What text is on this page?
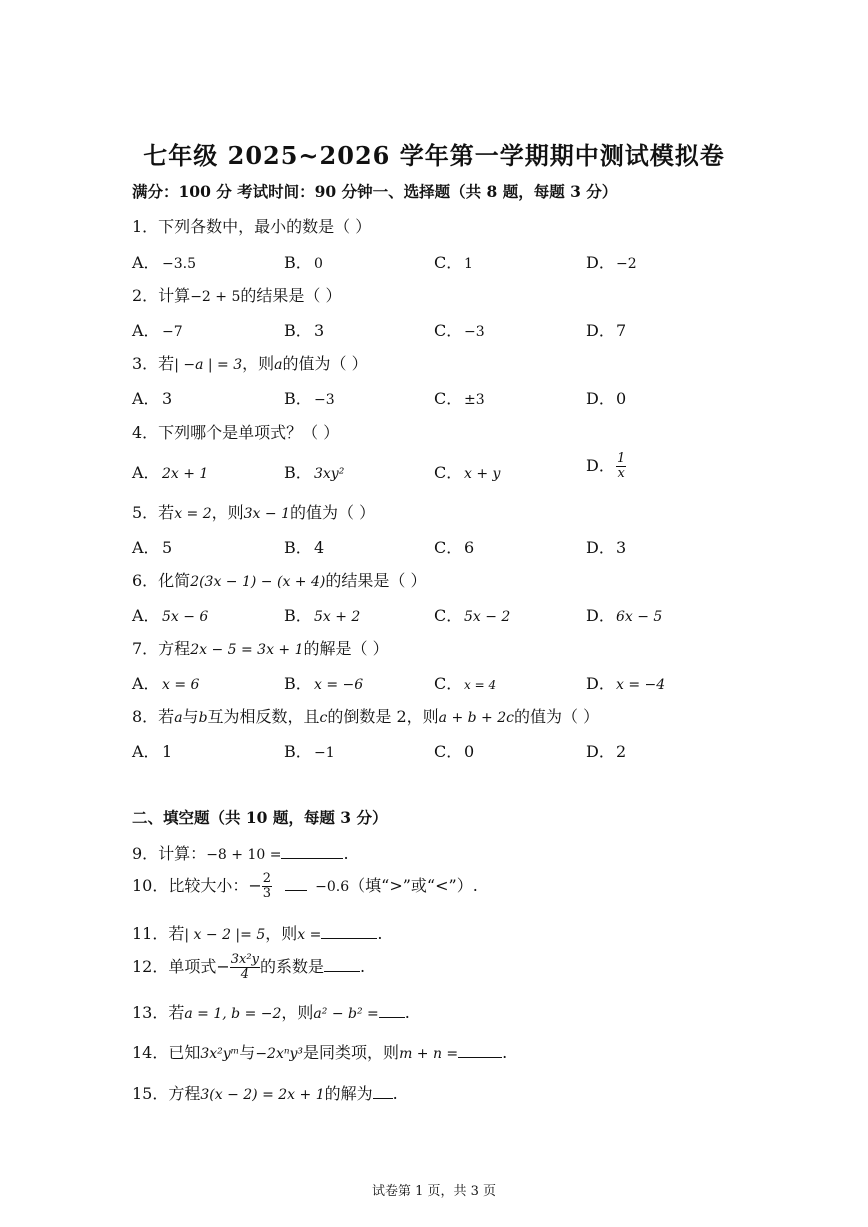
七年级 2025~2026 学年第一学期期中测试模拟卷
满分：100 分 考试时间：90 分钟一、选择题（共 8 题，每题 3 分）
1．下列各数中，最小的数是（ ）
A． −3.5	B． 0	C． 1	D．−2
2．计算−2 + 5的结果是（ ）
A． −7	B． 3	C． −3	D．7
3．若| −a | = 3，则a的值为（ ）
A． 3	B． −3	C． ±3	D．0
4．下列哪个是单项式？（ ）
A． 2x + 1	B． 3xy²	C． x + y	D． $\frac{1}{x}$
5．若x = 2，则3x − 1的值为（ ）
A． 5	B． 4	C． 6	D．3
6．化简2(3x − 1) − (x + 4)的结果是（ ）
A． 5x − 6	B． 5x + 2	C． 5x − 2	D．6x − 5
7．方程2x − 5 = 3x + 1的解是（ ）
A． x = 6	B． x = −6	C． x = 4	D．x = −4
8．若a与b互为相反数，且c的倒数是 2，则a + b + 2c的值为（ ）
A． 1	B． −1	C． 0	D．2
二、填空题（共 10 题，每题 3 分）
9．计算：−8 + 10 =	.
10．比较大小：− $\frac{2}{3}$	−0.6（填“>”或“<”）.
11．若| x − 2 |= 5，则x =	.
12．单项式− $\frac{\text{3x²y}}{4}$ 的系数是 .
13．若a = 1, b = −2，则a² − b² = .
14．已知3x²yᵐ与−2xⁿy³是同类项，则m + n =	.
15．方程3(x − 2) = 2x + 1的解为 .
试卷第 1 页，共 3 页
